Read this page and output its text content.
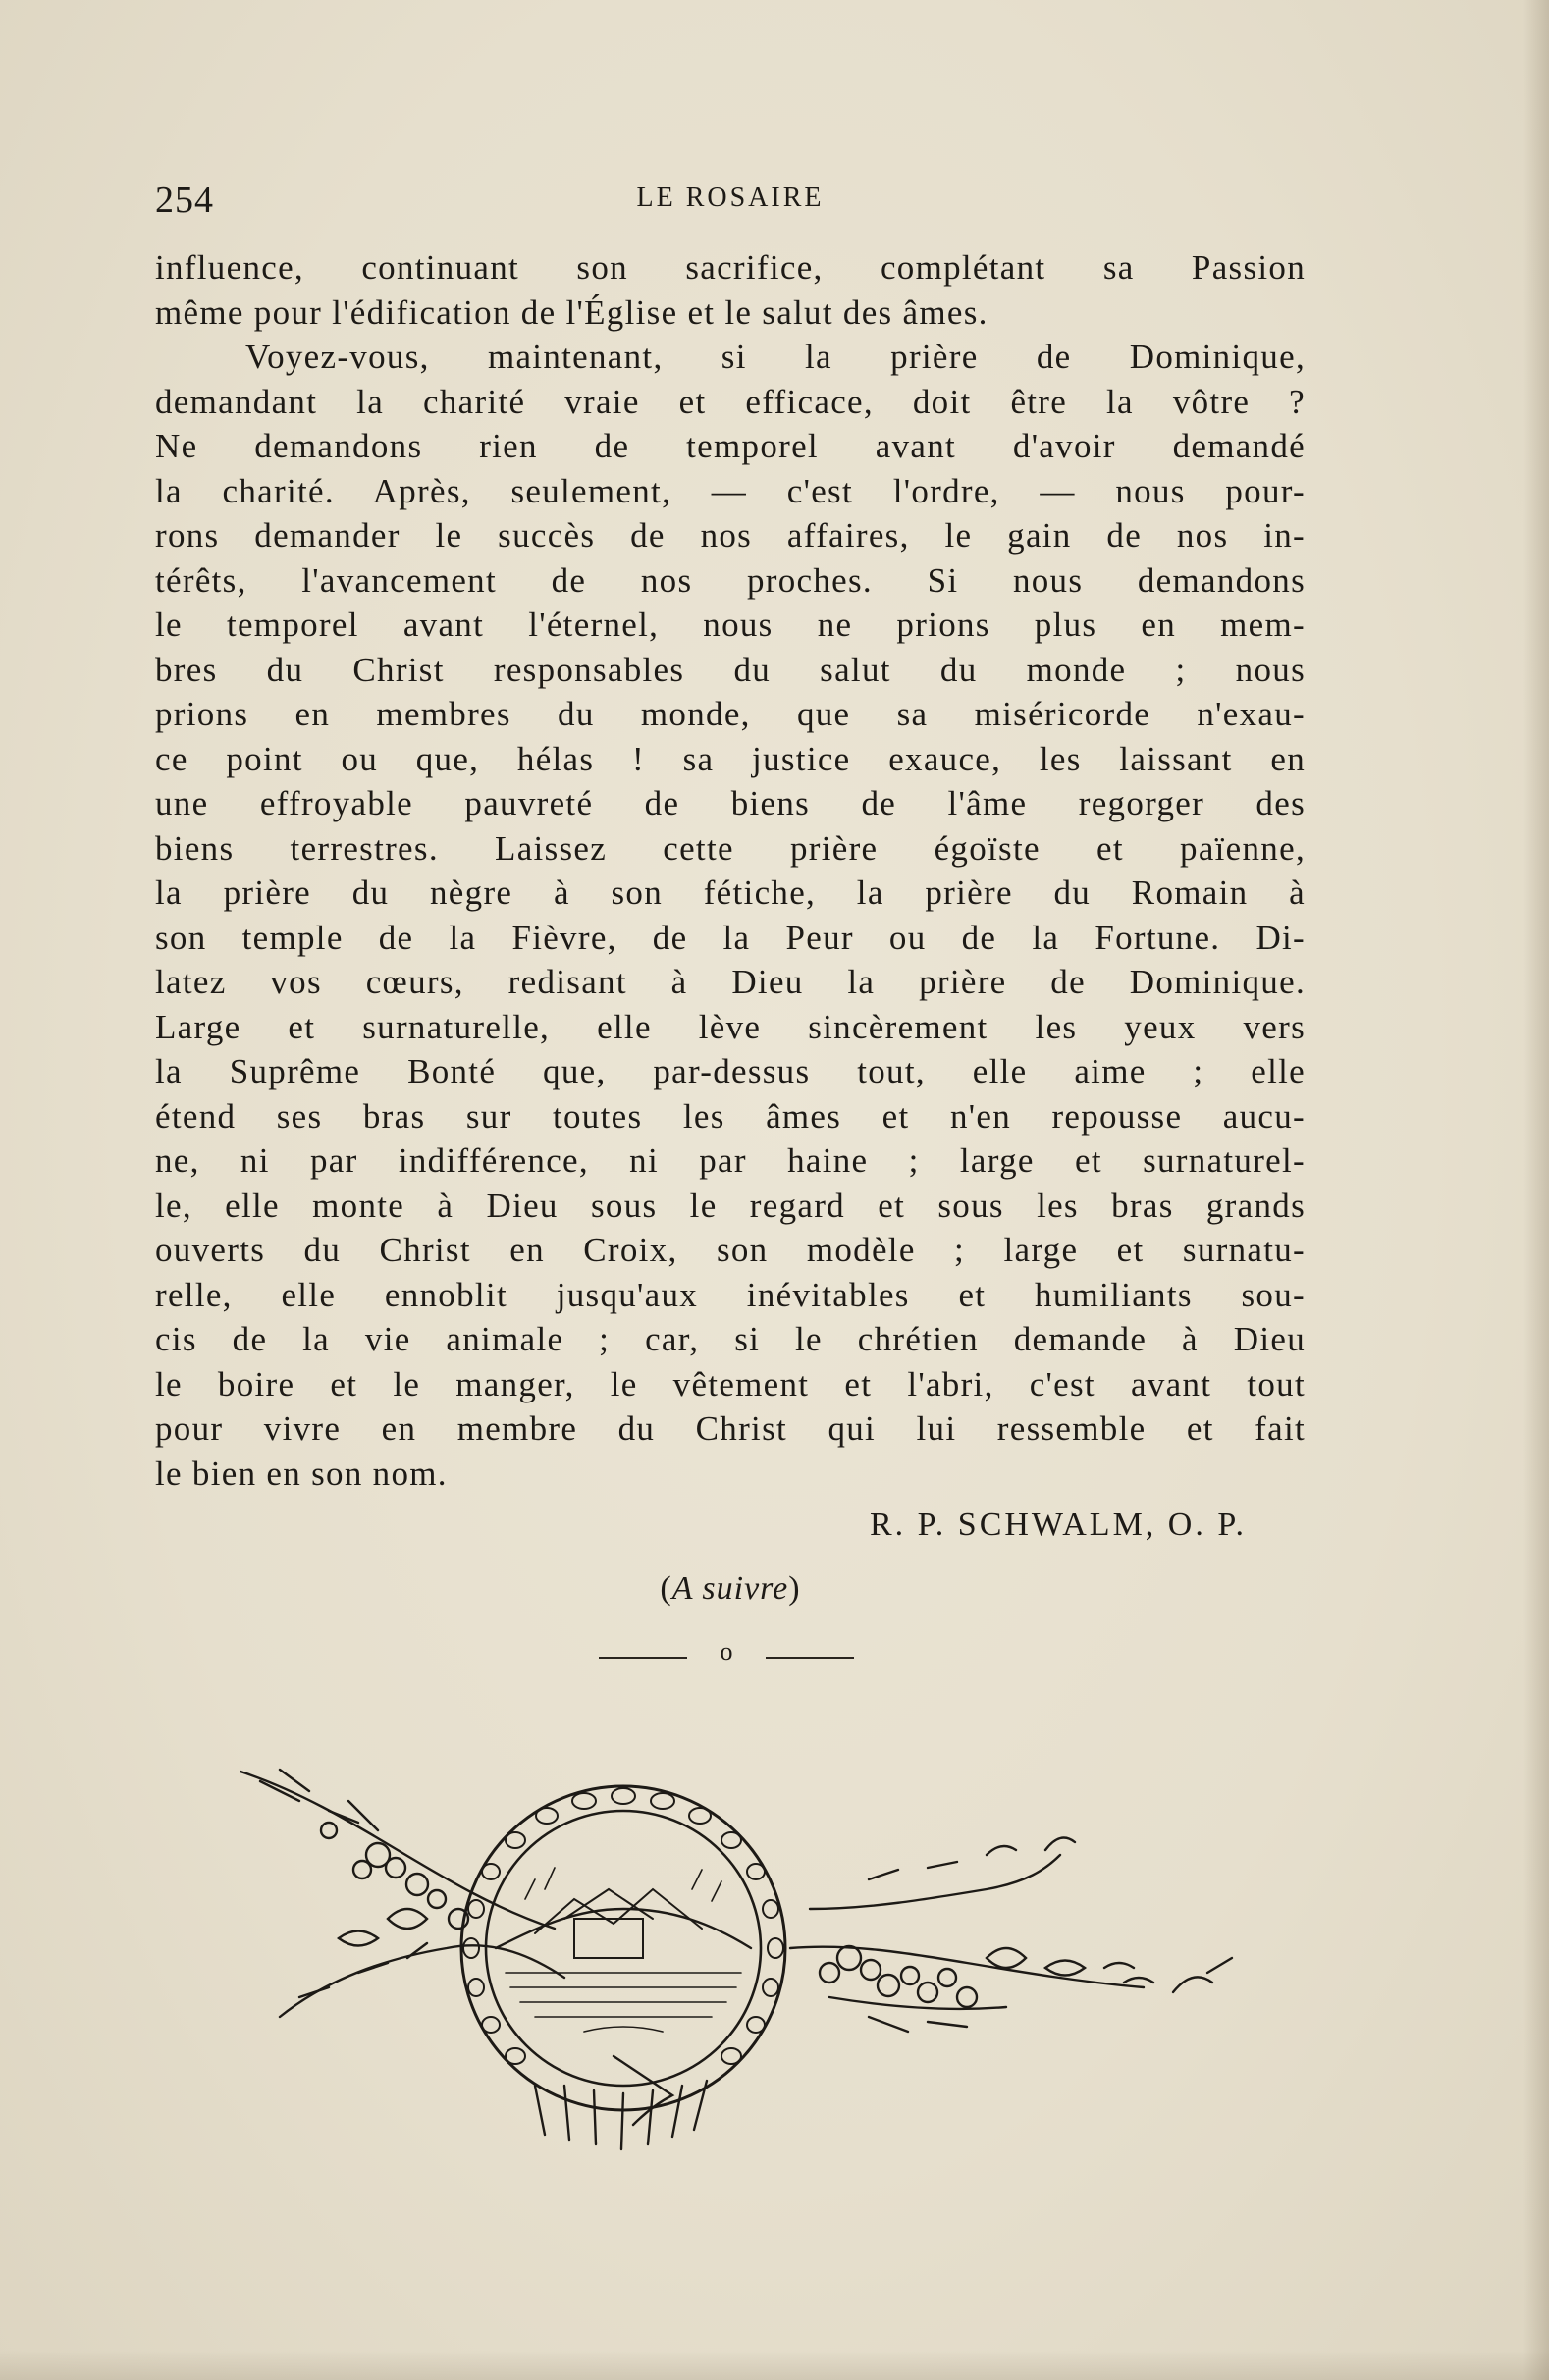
254	LE ROSAIRE
influence, continuant son sacrifice, complétant sa Passion
même pour l'édification de l'Église et le salut des âmes.
Voyez-vous, maintenant, si la prière de Dominique,
demandant la charité vraie et efficace, doit être la vôtre ?
Ne demandons rien de temporel avant d'avoir demandé
la charité. Après, seulement, — c'est l'ordre, — nous pour-
rons demander le succès de nos affaires, le gain de nos in-
térêts, l'avancement de nos proches. Si nous demandons
le temporel avant l'éternel, nous ne prions plus en mem-
bres du Christ responsables du salut du monde ; nous
prions en membres du monde, que sa miséricorde n'exau-
ce point ou que, hélas ! sa justice exauce, les laissant en
une effroyable pauvreté de biens de l'âme regorger des
biens terrestres. Laissez cette prière égoïste et païenne,
la prière du nègre à son fétiche, la prière du Romain à
son temple de la Fièvre, de la Peur ou de la Fortune. Di-
latez vos cœurs, redisant à Dieu la prière de Dominique.
Large et surnaturelle, elle lève sincèrement les yeux vers
la Suprême Bonté que, par-dessus tout, elle aime ; elle
étend ses bras sur toutes les âmes et n'en repousse aucu-
ne, ni par indifférence, ni par haine ; large et surnaturel-
le, elle monte à Dieu sous le regard et sous les bras grands
ouverts du Christ en Croix, son modèle ; large et surnatu-
relle, elle ennoblit jusqu'aux inévitables et humiliants sou-
cis de la vie animale ; car, si le chrétien demande à Dieu
le boire et le manger, le vêtement et l'abri, c'est avant tout
pour vivre en membre du Christ qui lui ressemble et fait
le bien en son nom.
R. P. SCHWALM, O. P.
(A suivre)
o
